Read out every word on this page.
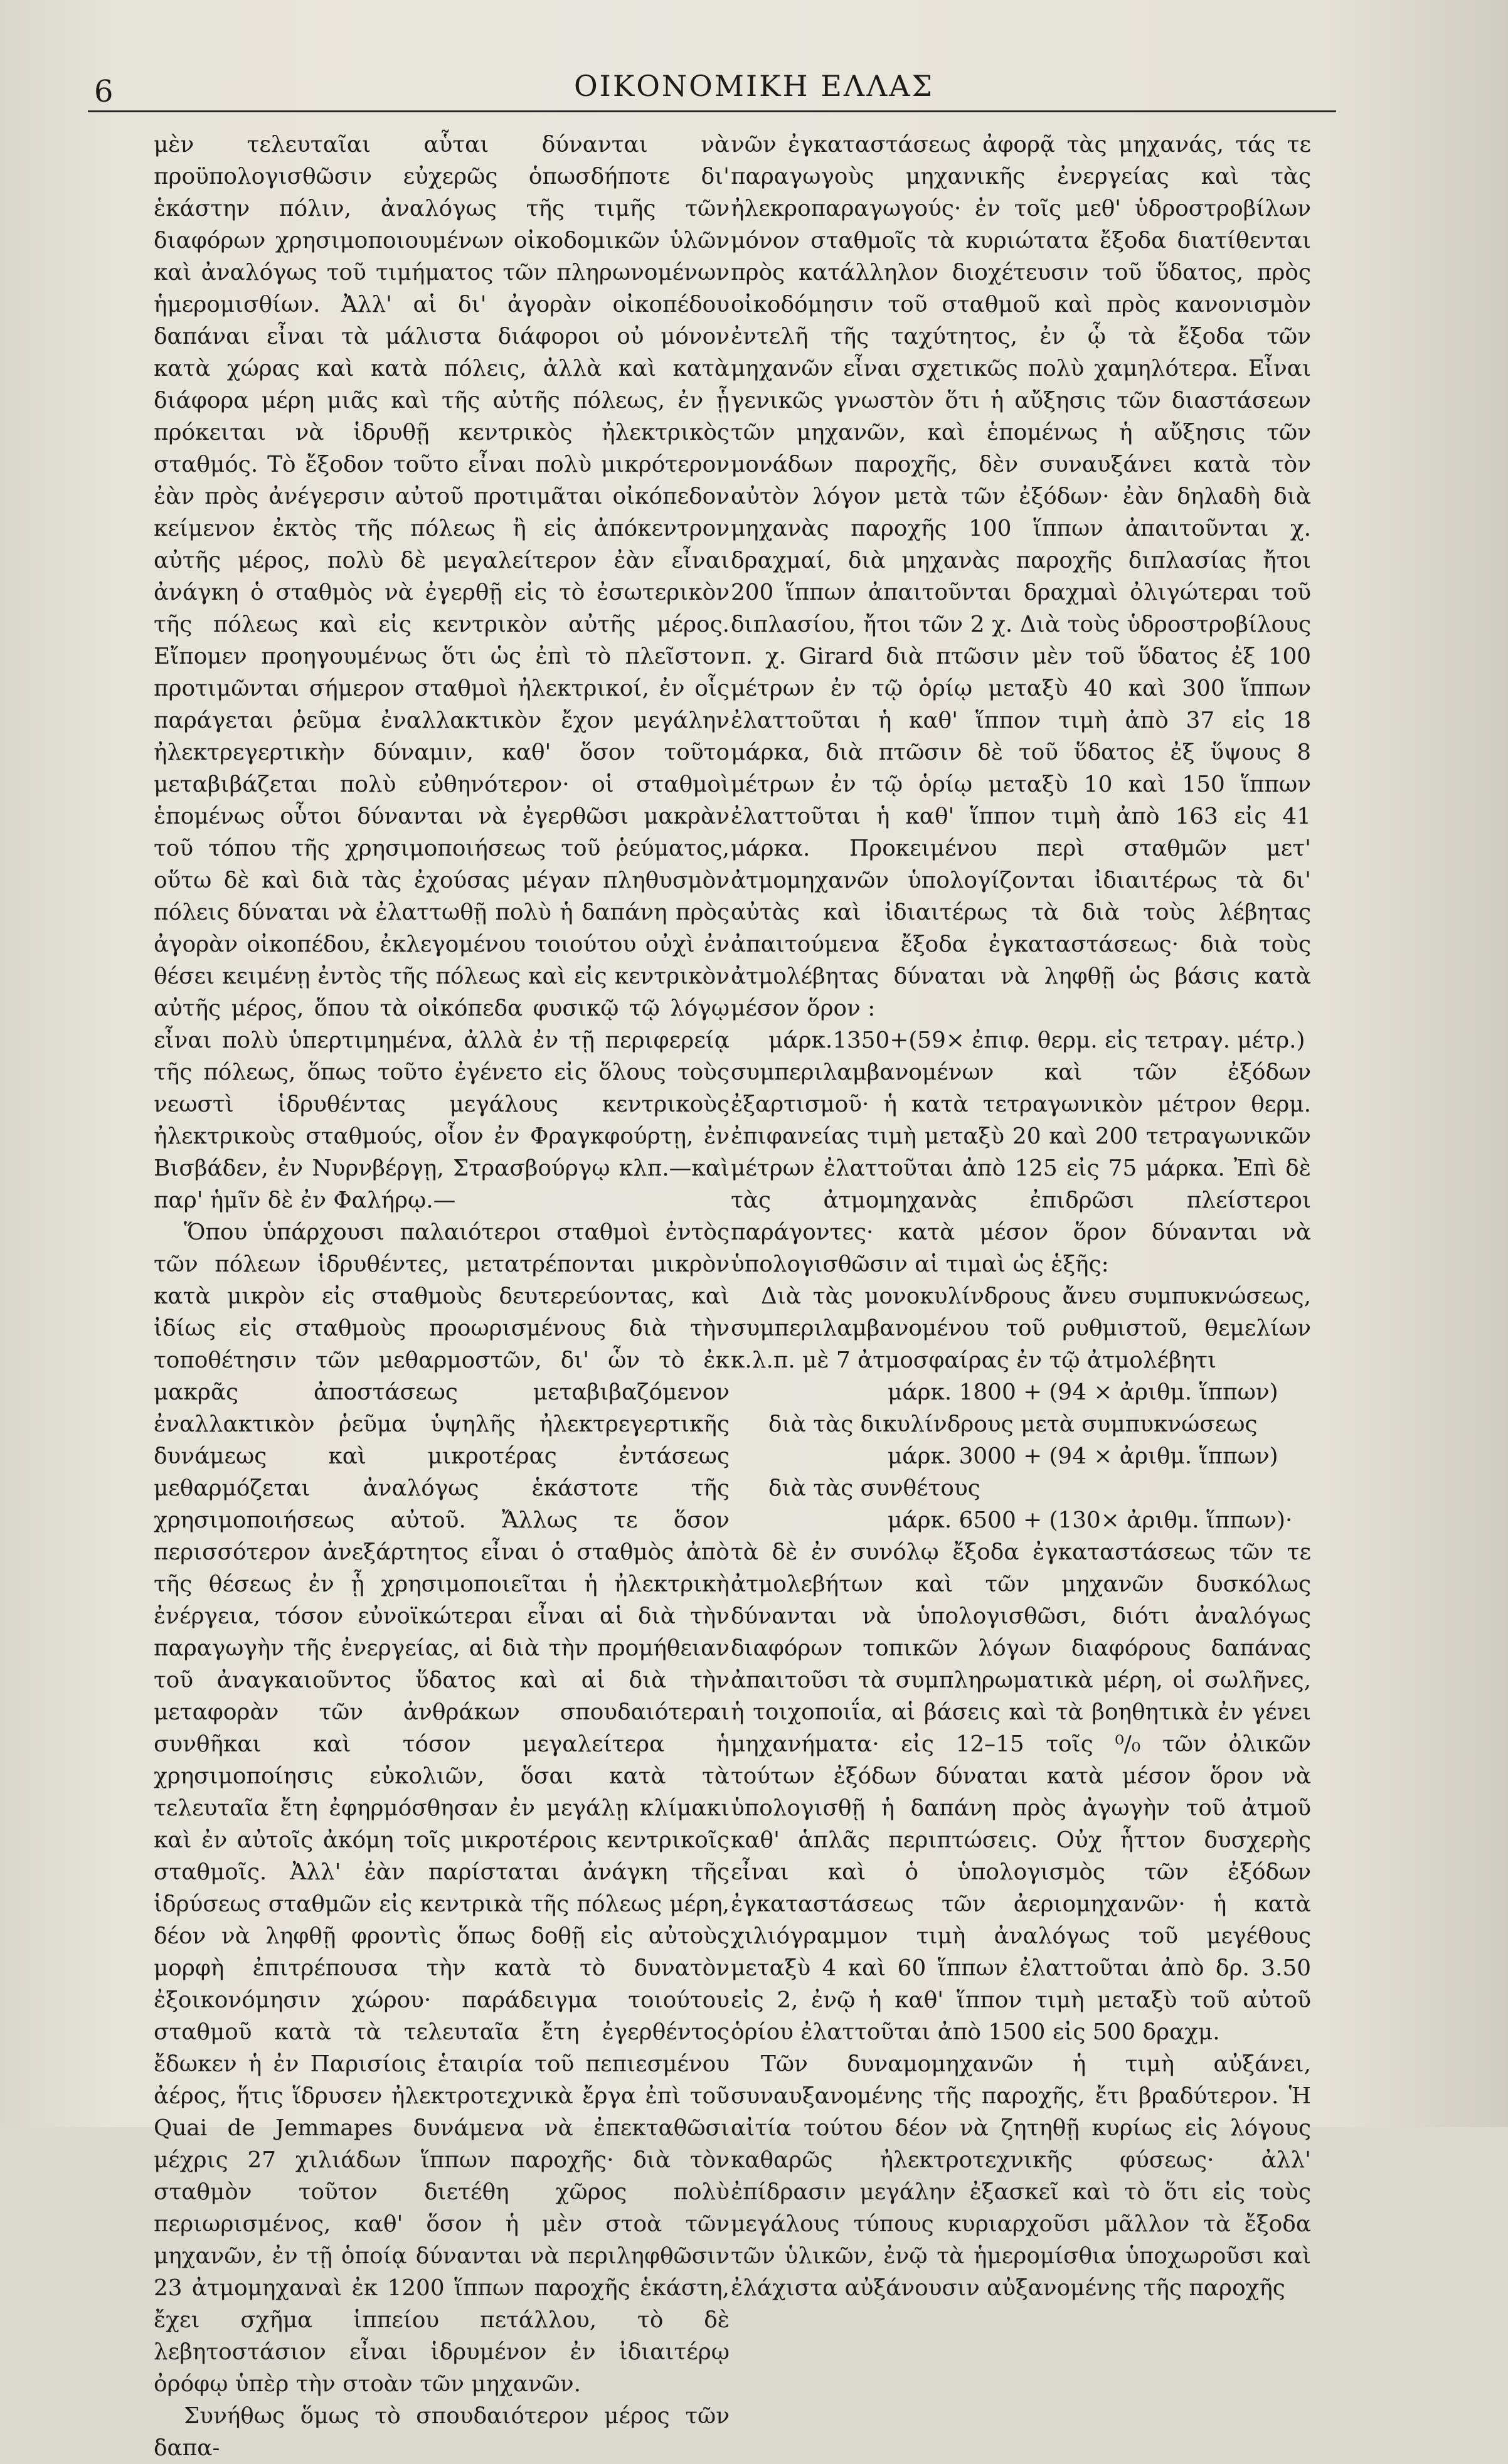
6	ΟΙΚΟΝΟΜΙΚΗ ΕΛΛΑΣ

μὲν τελευταῖαι αὗται δύνανται νὰ προϋπολογισθῶσιν εὐχερῶς ὁπωσδήποτε δι' ἑκάστην πόλιν, ἀναλόγως τῆς τιμῆς τῶν διαφόρων χρησιμοποιουμένων οἰκοδομικῶν ὑλῶν καὶ ἀναλόγως τοῦ τιμήματος τῶν πληρωνομένων ἡμερομισθίων. Ἀλλ' αἱ δι' ἀγορὰν οἰκοπέδου δαπάναι εἶναι τὰ μάλιστα διάφοροι οὐ μόνον κατὰ χώρας καὶ κατὰ πόλεις, ἀλλὰ καὶ κατὰ διάφορα μέρη μιᾶς καὶ τῆς αὐτῆς πόλεως, ἐν ᾗ πρόκειται νὰ ἱδρυθῇ κεντρικὸς ἠλεκτρικὸς σταθμός. Τὸ ἔξοδον τοῦτο εἶναι πολὺ μικρότερον ἐὰν πρὸς ἀνέγερσιν αὐτοῦ προτιμᾶται οἰκόπεδον κείμενον ἐκτὸς τῆς πόλεως ἢ εἰς ἀπόκεντρον αὐτῆς μέρος, πολὺ δὲ μεγαλείτερον ἐὰν εἶναι ἀνάγκη ὁ σταθμὸς νὰ ἐγερθῇ εἰς τὸ ἐσωτερικὸν τῆς πόλεως καὶ εἰς κεντρικὸν αὐτῆς μέρος. Εἴπομεν προηγουμένως ὅτι ὡς ἐπὶ τὸ πλεῖστον προτιμῶνται σήμερον σταθμοὶ ἠλεκτρικοί, ἐν οἷς παράγεται ῥεῦμα ἐναλλακτικὸν ἔχον μεγάλην ἠλεκτρεγερτικὴν δύναμιν, καθ' ὅσον τοῦτο μεταβιβάζεται πολὺ εὐθηνότερον· οἱ σταθμοὶ ἑπομένως οὗτοι δύνανται νὰ ἐγερθῶσι μακρὰν τοῦ τόπου τῆς χρησιμοποιήσεως τοῦ ῥεύματος, οὕτω δὲ καὶ διὰ τὰς ἐχούσας μέγαν πληθυσμὸν πόλεις δύναται νὰ ἐλαττωθῇ πολὺ ἡ δαπάνη πρὸς ἀγορὰν οἰκοπέδου, ἐκλεγομένου τοιούτου οὐχὶ ἐν θέσει κειμένῃ ἐντὸς τῆς πόλεως καὶ εἰς κεντρικὸν αὐτῆς μέρος, ὅπου τὰ οἰκόπεδα φυσικῷ τῷ λόγῳ εἶναι πολὺ ὑπερτιμημένα, ἀλλὰ ἐν τῇ περιφερείᾳ τῆς πόλεως, ὅπως τοῦτο ἐγένετο εἰς ὅλους τοὺς νεωστὶ ἱδρυθέντας μεγάλους κεντρικοὺς ἠλεκτρικοὺς σταθμούς, οἷον ἐν Φραγκφούρτῃ, ἐν Βισβάδεν, ἐν Νυρνβέργῃ, Στρασβούργῳ κλπ.—καὶ παρ' ἡμῖν δὲ ἐν Φαλήρῳ.—

Ὅπου ὑπάρχουσι παλαιότεροι σταθμοὶ ἐντὸς τῶν πόλεων ἱδρυθέντες, μετατρέπονται μικρὸν κατὰ μικρὸν εἰς σταθμοὺς δευτερεύοντας, καὶ ἰδίως εἰς σταθμοὺς προωρισμένους διὰ τὴν τοποθέτησιν τῶν μεθαρμοστῶν, δι' ὧν τὸ ἐκ μακρᾶς ἀποστάσεως μεταβιβαζόμενον ἐναλλακτικὸν ῥεῦμα ὑψηλῆς ἠλεκτρεγερτικῆς δυνάμεως καὶ μικροτέρας ἐντάσεως μεθαρμόζεται ἀναλόγως ἑκάστοτε τῆς χρησιμοποιήσεως αὐτοῦ. Ἄλλως τε ὅσον περισσότερον ἀνεξάρτητος εἶναι ὁ σταθμὸς ἀπὸ τῆς θέσεως ἐν ᾗ χρησιμοποιεῖται ἡ ἠλεκτρικὴ ἐνέργεια, τόσον εὐνοϊκώτεραι εἶναι αἱ διὰ τὴν παραγωγὴν τῆς ἐνεργείας, αἱ διὰ τὴν προμήθειαν τοῦ ἀναγκαιοῦντος ὕδατος καὶ αἱ διὰ τὴν μεταφορὰν τῶν ἀνθράκων σπουδαιότεραι συνθῆκαι καὶ τόσον μεγαλείτερα ἡ χρησιμοποίησις εὐκολιῶν, ὅσαι κατὰ τὰ τελευταῖα ἔτη ἐφηρμόσθησαν ἐν μεγάλῃ κλίμακι καὶ ἐν αὐτοῖς ἀκόμη τοῖς μικροτέροις κεντρικοῖς σταθμοῖς. Ἀλλ' ἐὰν παρίσταται ἀνάγκη τῆς ἱδρύσεως σταθμῶν εἰς κεντρικὰ τῆς πόλεως μέρη, δέον νὰ ληφθῇ φροντὶς ὅπως δοθῇ εἰς αὐτοὺς μορφὴ ἐπιτρέπουσα τὴν κατὰ τὸ δυνατὸν ἐξοικονόμησιν χώρου· παράδειγμα τοιούτου σταθμοῦ κατὰ τὰ τελευταῖα ἔτη ἐγερθέντος ἔδωκεν ἡ ἐν Παρισίοις ἑταιρία τοῦ πεπιεσμένου ἀέρος, ἥτις ἵδρυσεν ἠλεκτροτεχνικὰ ἔργα ἐπὶ τοῦ Quai de Jemmapes δυνάμενα νὰ ἐπεκταθῶσι μέχρις 27 χιλιάδων ἵππων παροχῆς· διὰ τὸν σταθμὸν τοῦτον διετέθη χῶρος πολὺ περιωρισμένος, καθ' ὅσον ἡ μὲν στοὰ τῶν μηχανῶν, ἐν τῇ ὁποίᾳ δύνανται νὰ περιληφθῶσιν 23 ἀτμομηχαναὶ ἐκ 1200 ἵππων παροχῆς ἑκάστη, ἔχει σχῆμα ἱππείου πετάλλου, τὸ δὲ λεβητοστάσιον εἶναι ἱδρυμένον ἐν ἰδιαιτέρῳ ὀρόφῳ ὑπὲρ τὴν στοὰν τῶν μηχανῶν.

Συνήθως ὅμως τὸ σπουδαιότερον μέρος τῶν δαπα-

νῶν ἐγκαταστάσεως ἀφορᾷ τὰς μηχανάς, τάς τε παραγωγοὺς μηχανικῆς ἐνεργείας καὶ τὰς ἠλεκροπαραγωγούς· ἐν τοῖς μεθ' ὑδροστροβίλων μόνον σταθμοῖς τὰ κυριώτατα ἔξοδα διατίθενται πρὸς κατάλληλον διοχέτευσιν τοῦ ὕδατος, πρὸς οἰκοδόμησιν τοῦ σταθμοῦ καὶ πρὸς κανονισμὸν ἐντελῆ τῆς ταχύτητος, ἐν ᾧ τὰ ἔξοδα τῶν μηχανῶν εἶναι σχετικῶς πολὺ χαμηλότερα. Εἶναι γενικῶς γνωστὸν ὅτι ἡ αὔξησις τῶν διαστάσεων τῶν μηχανῶν, καὶ ἑπομένως ἡ αὔξησις τῶν μονάδων παροχῆς, δὲν συναυξάνει κατὰ τὸν αὐτὸν λόγον μετὰ τῶν ἐξόδων· ἐὰν δηλαδὴ διὰ μηχανὰς παροχῆς 100 ἵππων ἀπαιτοῦνται χ. δραχμαί, διὰ μηχανὰς παροχῆς διπλασίας ἤτοι 200 ἵππων ἀπαιτοῦνται δραχμαὶ ὀλιγώτεραι τοῦ διπλασίου, ἤτοι τῶν 2 χ. Διὰ τοὺς ὑδροστροβίλους π. χ. Girard διὰ πτῶσιν μὲν τοῦ ὕδατος ἐξ 100 μέτρων ἐν τῷ ὁρίῳ μεταξὺ 40 καὶ 300 ἵππων ἐλαττοῦται ἡ καθ' ἵππον τιμὴ ἀπὸ 37 εἰς 18 μάρκα, διὰ πτῶσιν δὲ τοῦ ὕδατος ἐξ ὕψους 8 μέτρων ἐν τῷ ὁρίῳ μεταξὺ 10 καὶ 150 ἵππων ἐλαττοῦται ἡ καθ' ἵππον τιμὴ ἀπὸ 163 εἰς 41 μάρκα. Προκειμένου περὶ σταθμῶν μετ' ἀτμομηχανῶν ὑπολογίζονται ἰδιαιτέρως τὰ δι' αὐτὰς καὶ ἰδιαιτέρως τὰ διὰ τοὺς λέβητας ἀπαιτούμενα ἔξοδα ἐγκαταστάσεως· διὰ τοὺς ἀτμολέβητας δύναται νὰ ληφθῇ ὡς βάσις κατὰ μέσον ὅρον :

μάρκ.1350+(59× ἐπιφ. θερμ. εἰς τετραγ. μέτρ.)

συμπεριλαμβανομένων καὶ τῶν ἐξόδων ἐξαρτισμοῦ· ἡ κατὰ τετραγωνικὸν μέτρον θερμ. ἐπιφανείας τιμὴ μεταξὺ 20 καὶ 200 τετραγωνικῶν μέτρων ἐλαττοῦται ἀπὸ 125 εἰς 75 μάρκα. Ἐπὶ δὲ τὰς ἀτμομηχανὰς ἐπιδρῶσι πλείστεροι παράγοντες· κατὰ μέσον ὅρον δύνανται νὰ ὑπολογισθῶσιν αἱ τιμαὶ ὡς ἑξῆς:

Διὰ τὰς μονοκυλίνδρους ἄνευ συμπυκνώσεως, συμπεριλαμβανομένου τοῦ ρυθμιστοῦ, θεμελίων κ.λ.π. μὲ 7 ἀτμοσφαίρας ἐν τῷ ἀτμολέβητι

μάρκ. 1800 + (94 × ἀριθμ. ἵππων)

διὰ τὰς δικυλίνδρους μετὰ συμπυκνώσεως

μάρκ. 3000 + (94 × ἀριθμ. ἵππων)

διὰ τὰς συνθέτους

μάρκ. 6500 + (130× ἀριθμ. ἵππων)·

τὰ δὲ ἐν συνόλῳ ἔξοδα ἐγκαταστάσεως τῶν τε ἀτμολεβήτων καὶ τῶν μηχανῶν δυσκόλως δύνανται νὰ ὑπολογισθῶσι, διότι ἀναλόγως διαφόρων τοπικῶν λόγων διαφόρους δαπάνας ἀπαιτοῦσι τὰ συμπληρωματικὰ μέρη, οἱ σωλῆνες, ἡ τοιχοποιΐα, αἱ βάσεις καὶ τὰ βοηθητικὰ ἐν γένει μηχανήματα· εἰς 12–15 τοῖς ⁰/₀ τῶν ὀλικῶν τούτων ἐξόδων δύναται κατὰ μέσον ὅρον νὰ ὑπολογισθῇ ἡ δαπάνη πρὸς ἀγωγὴν τοῦ ἀτμοῦ καθ' ἁπλᾶς περιπτώσεις. Οὐχ ἧττον δυσχερὴς εἶναι καὶ ὁ ὑπολογισμὸς τῶν ἐξόδων ἐγκαταστάσεως τῶν ἀεριομηχανῶν· ἡ κατὰ χιλιόγραμμον τιμὴ ἀναλόγως τοῦ μεγέθους μεταξὺ 4 καὶ 60 ἵππων ἐλαττοῦται ἀπὸ δρ. 3.50 εἰς 2, ἐνῷ ἡ καθ' ἵππον τιμὴ μεταξὺ τοῦ αὐτοῦ ὁρίου ἐλαττοῦται ἀπὸ 1500 εἰς 500 δραχμ.

Τῶν δυναμομηχανῶν ἡ τιμὴ αὐξάνει, συναυξανομένης τῆς παροχῆς, ἔτι βραδύτερον. Ἡ αἰτία τούτου δέον νὰ ζητηθῇ κυρίως εἰς λόγους καθαρῶς ἠλεκτροτεχνικῆς φύσεως· ἀλλ' ἐπίδρασιν μεγάλην ἐξασκεῖ καὶ τὸ ὅτι εἰς τοὺς μεγάλους τύπους κυριαρχοῦσι μᾶλλον τὰ ἔξοδα τῶν ὑλικῶν, ἐνῷ τὰ ἡμερομίσθια ὑποχωροῦσι καὶ ἐλάχιστα αὐξάνουσιν αὐξανομένης τῆς παροχῆς
